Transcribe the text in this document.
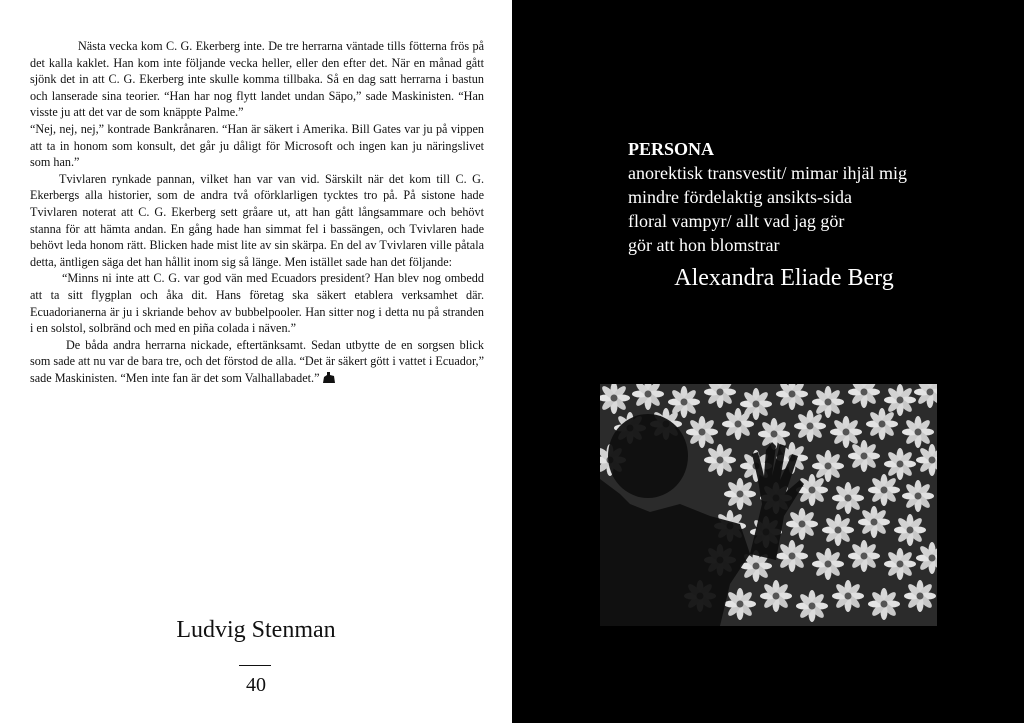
Nästa vecka kom C. G. Ekerberg inte. De tre herrarna väntade tills fötterna frös på det kalla kaklet. Han kom inte följande vecka heller, eller den efter det. När en månad gått sjönk det in att C. G. Ekerberg inte skulle komma tillbaka. Så en dag satt herrarna i bastun och lanserade sina teorier. “Han har nog flytt landet undan Säpo,” sade Maskinisten. “Han visste ju att det var de som knäppte Palme.”

“Nej, nej, nej,” kontrade Bankrånaren. “Han är säkert i Amerika. Bill Gates var ju på vippen att ta in honom som konsult, det går ju dåligt för Microsoft och ingen kan ju näringslivet som han.”

Tvivlaren rynkade pannan, vilket han var van vid. Särskilt när det kom till C. G. Ekerbergs alla historier, som de andra två oförklarligen tycktes tro på. På sistone hade Tvivlaren noterat att C. G. Ekerberg sett gråare ut, att han gått långsammare och behövt stanna för att hämta andan. En gång hade han simmat fel i bassängen, och Tvivlaren hade behövt leda honom rätt. Blicken hade mist lite av sin skärpa. En del av Tvivlaren ville påtala detta, äntligen säga det han hållit inom sig så länge. Men istället sade han det följande:

“Minns ni inte att C. G. var god vän med Ecuadors president? Han blev nog ombedd att ta sitt flygplan och åka dit. Hans företag ska säkert etablera verksamhet där. Ecuadorianerna är ju i skriande behov av bubbelpooler. Han sitter nog i detta nu på stranden i en solstol, solbränd och med en piña colada i näven.”

De båda andra herrarna nickade, eftertänksamt. Sedan utbytte de en sorgsen blick som sade att nu var de bara tre, och det förstod de alla. “Det är säkert gött i vattet i Ecuador,” sade Maskinisten. “Men inte fan är det som Valhallabadet.”

Ludvig Stenman
40
PERSONA
anorektisk transvestit/ mimar ihjäl mig
mindre fördelaktig ansikts-sida
floral vampyr/ allt vad jag gör
gör att hon blomstrar
Alexandra Eliade Berg
